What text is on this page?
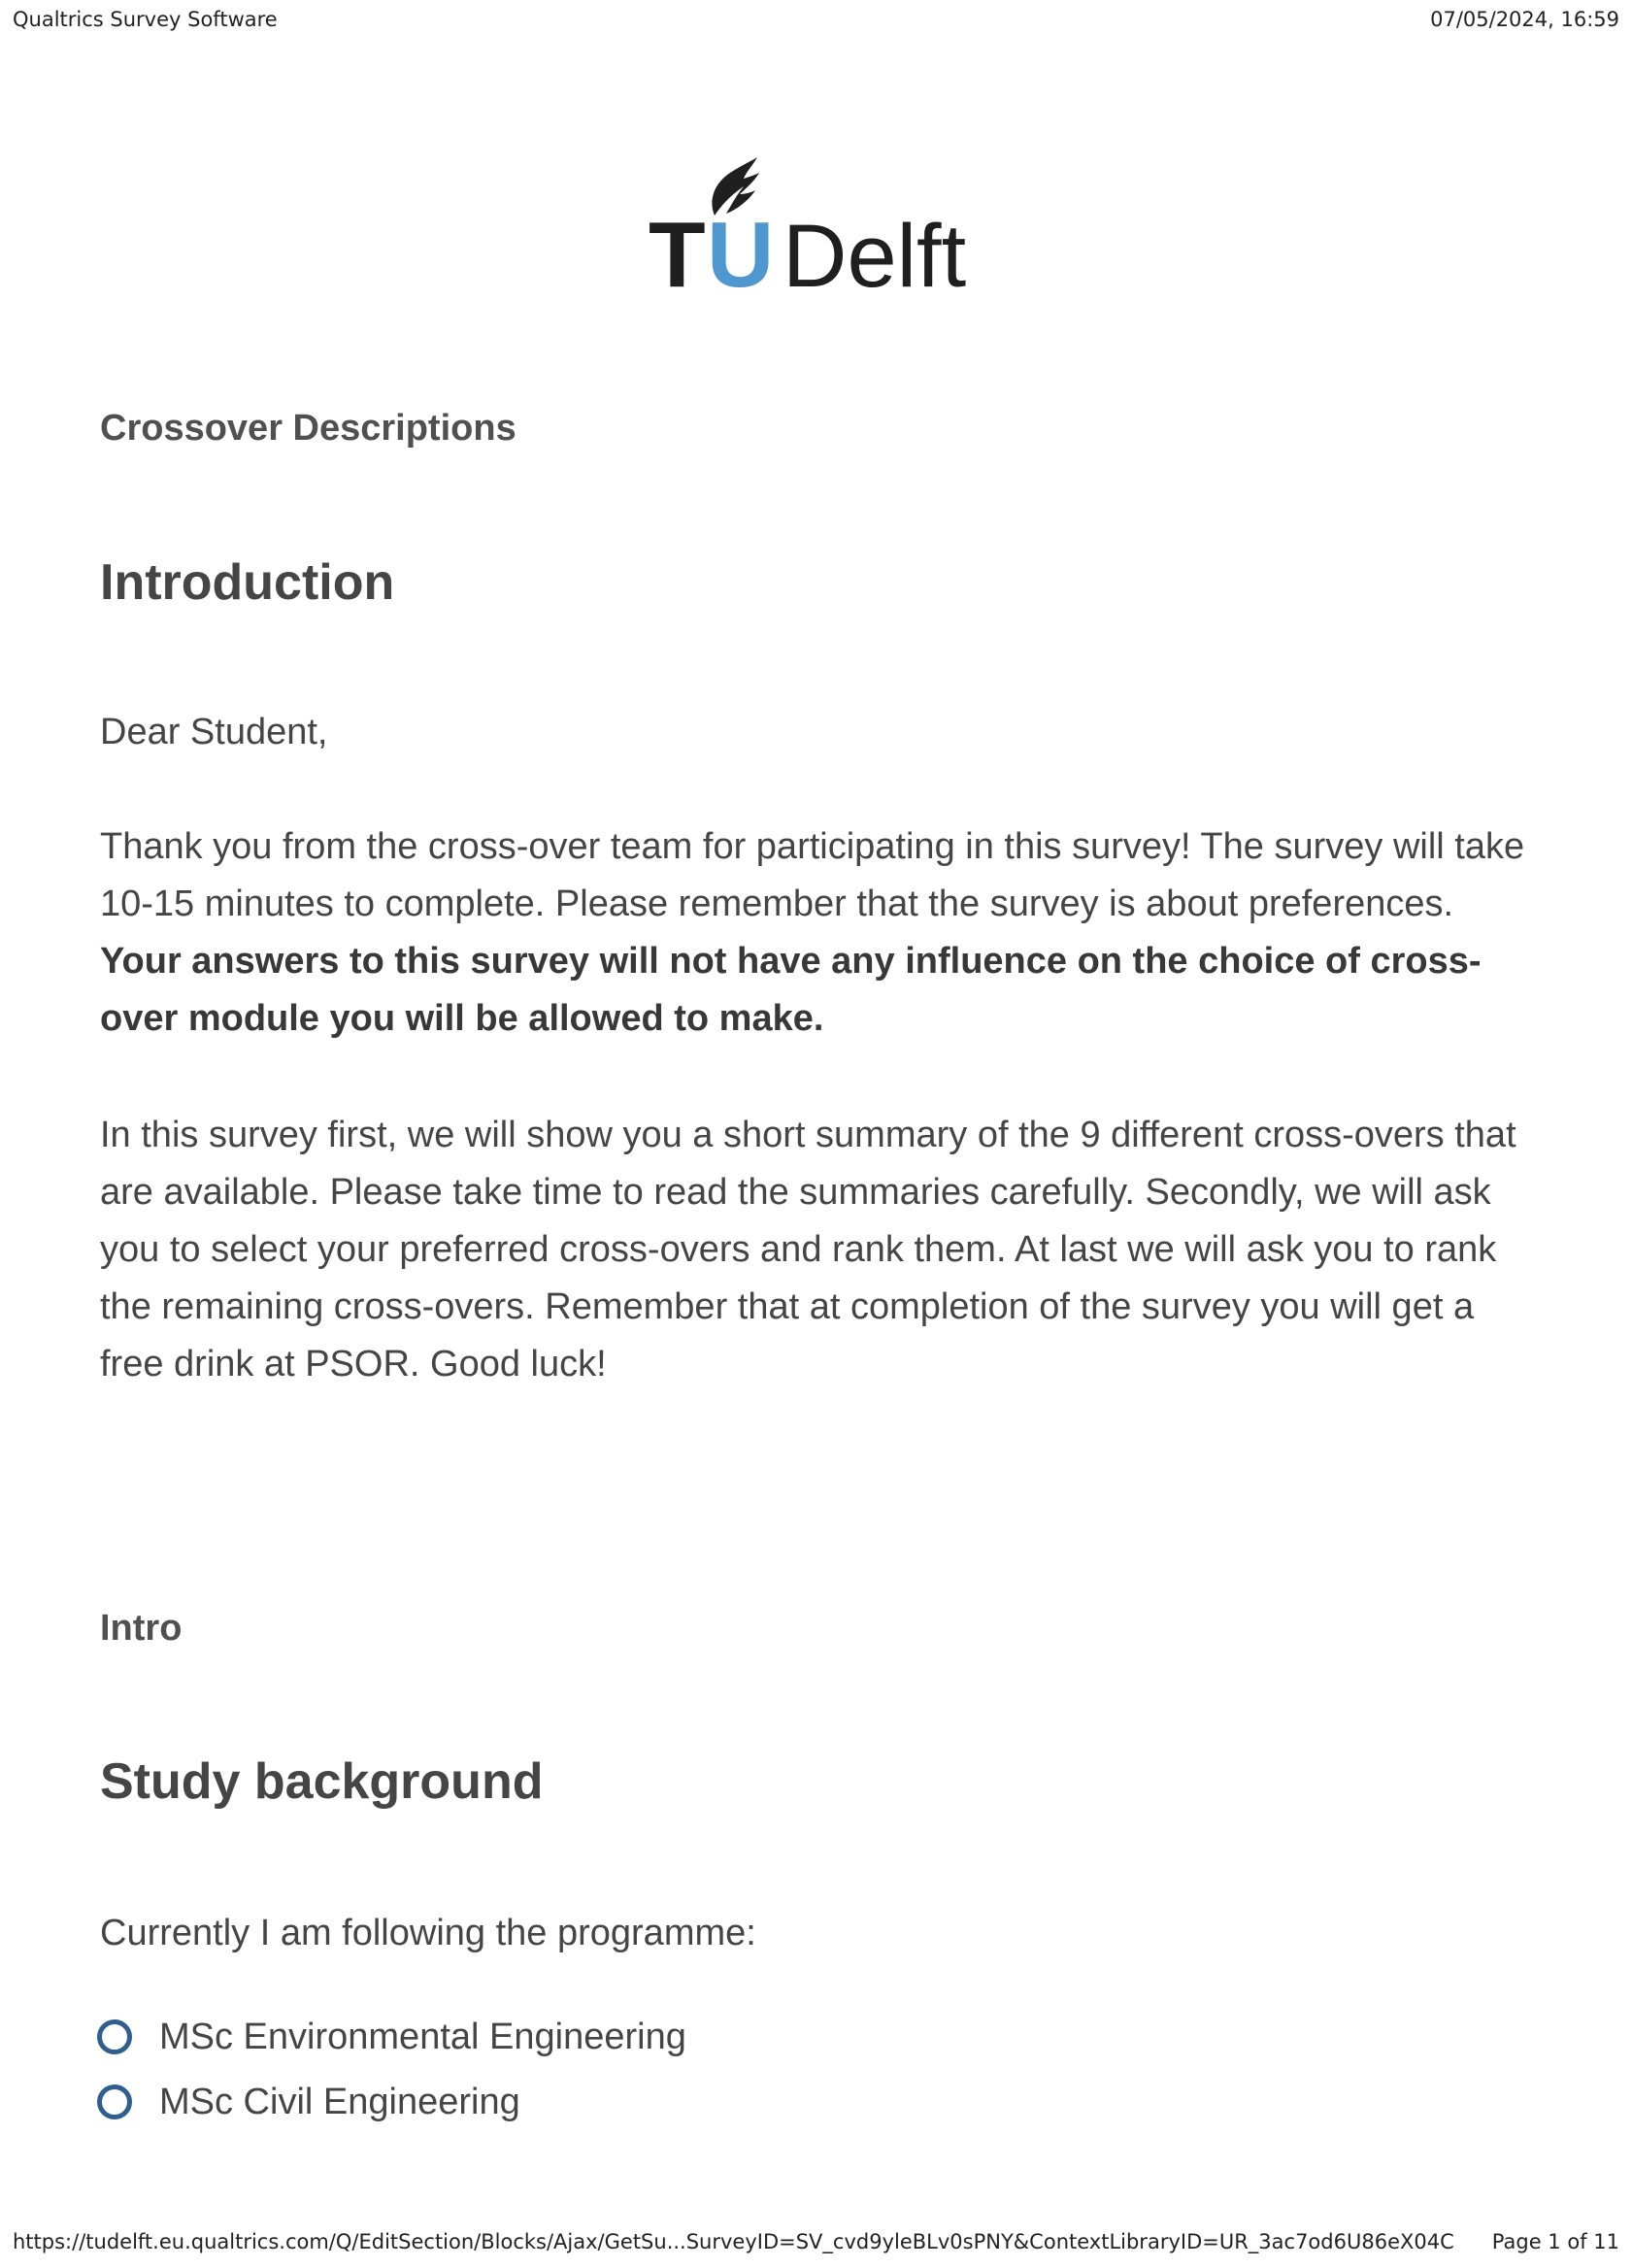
Qualtrics Survey Software	07/05/2024, 16:59
T U Delft
Crossover Descriptions
Introduction

Dear Student,

Thank you from the cross-over team for participating in this survey! The survey will take 10-15 minutes to complete. Please remember that the survey is about preferences. Your answers to this survey will not have any influence on the choice of cross-over module you will be allowed to make.

In this survey first, we will show you a short summary of the 9 different cross-overs that are available. Please take time to read the summaries carefully. Secondly, we will ask you to select your preferred cross-overs and rank them. At last we will ask you to rank the remaining cross-overs. Remember that at completion of the survey you will get a free drink at PSOR. Good luck!

Intro
Study background

Currently I am following the programme:

MSc Environmental Engineering
MSc Civil Engineering
https://tudelft.eu.qualtrics.com/Q/EditSection/Blocks/Ajax/GetSu...SurveyID=SV_cvd9yleBLv0sPNY&ContextLibraryID=UR_3ac7od6U86eX04C Page 1 of 11
